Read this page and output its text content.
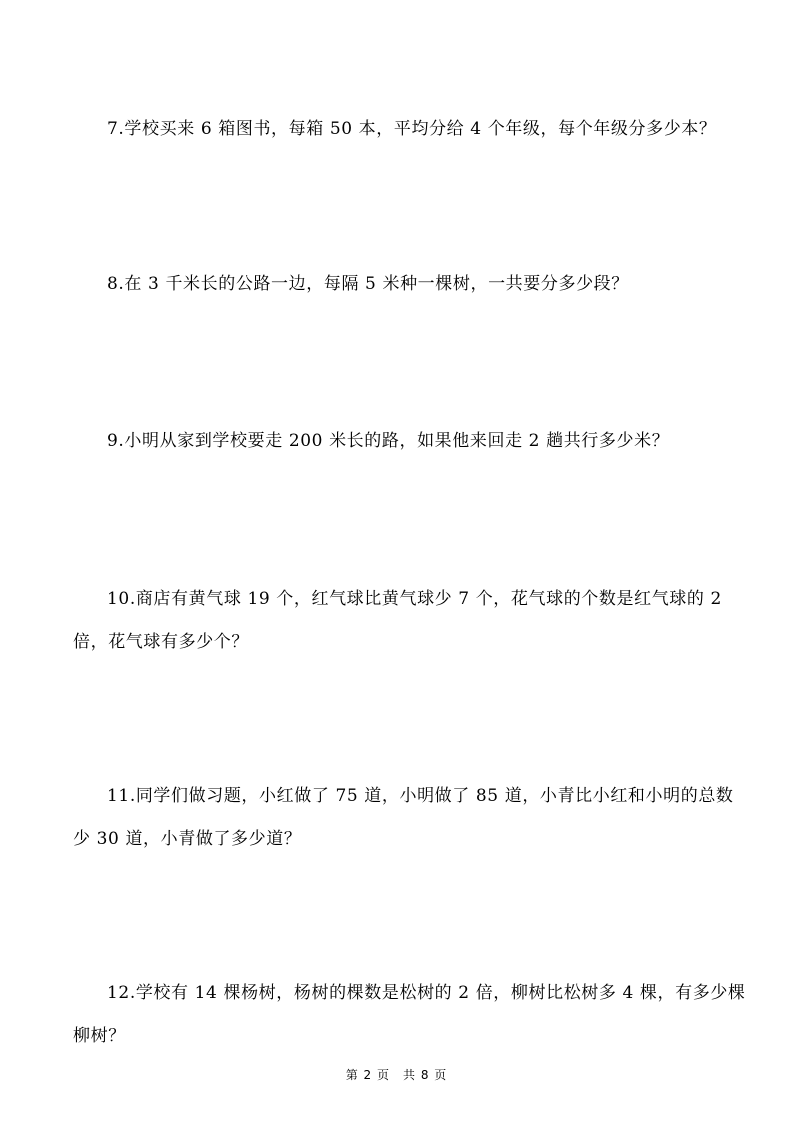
7.学校买来 6 箱图书，每箱 50 本，平均分给 4 个年级，每个年级分多少本？
8.在 3 千米长的公路一边，每隔 5 米种一棵树，一共要分多少段？
9.小明从家到学校要走 200 米长的路，如果他来回走 2 趟共行多少米？
10.商店有黄气球 19 个，红气球比黄气球少 7 个，花气球的个数是红气球的 2 倍，花气球有多少个？
11.同学们做习题，小红做了 75 道，小明做了 85 道，小青比小红和小明的总数少 30 道，小青做了多少道？
12.学校有 14 棵杨树，杨树的棵数是松树的 2 倍，柳树比松树多 4 棵，有多少棵柳树？
第 2 页　共 8 页
